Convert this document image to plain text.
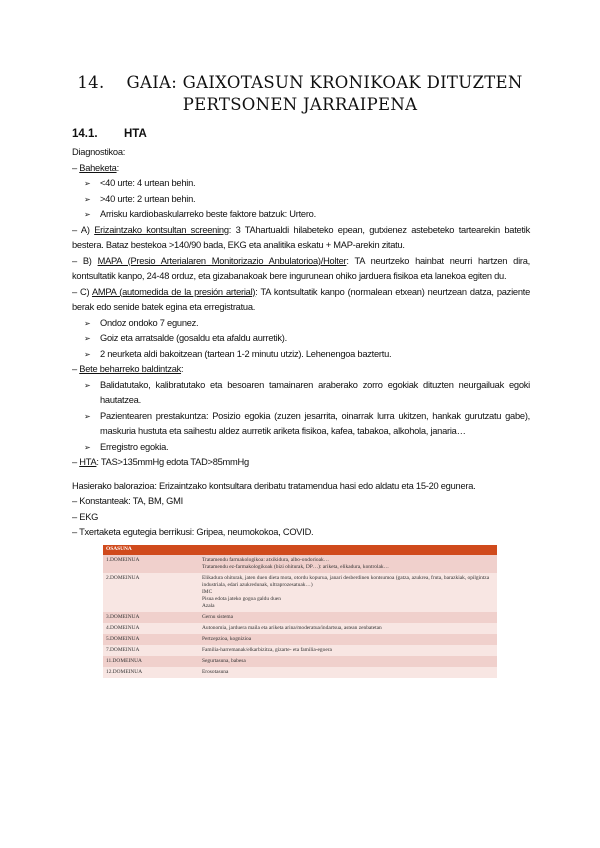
14. GAIA: GAIXOTASUN KRONIKOAK DITUZTEN
PERTSONEN JARRAIPENA
14.1. HTA
Diagnostikoa:
– Baheketa:
➢ <40 urte: 4 urtean behin.
➢ >40 urte: 2 urtean behin.
➢ Arrisku kardiobaskularreko beste faktore batzuk: Urtero.
– A) Erizaintzako kontsultan screening: 3 TAhartualdi hilabeteko epean, gutxienez astebeteko tartearekin batetik bestera. Bataz bestekoa >140/90 bada, EKG eta analitika eskatu + MAP-arekin zitatu.
– B) MAPA (Presio Arterialaren Monitorizazio Anbulatorioa)/Holter: TA neurtzeko hainbat neurri hartzen dira, kontsultatik kanpo, 24-48 orduz, eta gizabanakoak bere ingurunean ohiko jarduera fisikoa eta lanekoa egiten du.
– C) AMPA (automedida de la presión arterial): TA kontsultatik kanpo (normalean etxean) neurtzean datza, paziente berak edo senide batek egina eta erregistratua.
➢ Ondoz ondoko 7 egunez.
➢ Goiz eta arratsalde (gosaldu eta afaldu aurretik).
➢ 2 neurketa aldi bakoitzean (tartean 1-2 minutu utziz). Lehenengoa baztertu.
– Bete beharreko baldintzak:
➢ Balidatutako, kalibratutako eta besoaren tamainaren araberako zorro egokiak dituzten neurgailuak egoki hautatzea.
➢ Pazientearen prestakuntza: Posizio egokia (zuzen jesarrita, oinarrak lurra ukitzen, hankak gurutzatu gabe), maskuria hustuta eta saihestu aldez aurretik ariketa fisikoa, kafea, tabakoa, alkohola, janaria…
➢ Erregistro egokia.
– HTA: TAS>135mmHg edota TAD>85mmHg
Hasierako balorazioa: Erizaintzako kontsultara deribatu tratamendua hasi edo aldatu eta 15-20 egunera.
– Konstanteak: TA, BM, GMI
– EKG
– Txertaketa egutegia berrikusi: Gripea, neumokokoa, COVID.
OSASUNA	
1.DOMEINUA	Tratamendu farmakologikoa: atxikidura, albo-ondorioak…
Tratamendu ez-farmakologikoak (bizi ohiturak, DP…): ariketa, elikadura, kontrolak…

2.DOMEINUA	Elikadura ohiturak, jaten duen dieta mota, otordu kopurua, janari desberdinen kontsumoa (gatza, azukrea, fruta, barazkiak, opilgintza industriala, edari azukredunak, ultraprozesatuak…)
IMC
Pisua edota jateko gogoa galdu duen
Azala

3.DOMEINUA	Gernu sistema

4.DOMEINUA	Autonomia, jarduera maila eta ariketa arina/moderatua/indartsua, astean zenbatetan

5.DOMEINUA	Pertzepzioa, kognizioa

7.DOMEINUA	Familia-harremanak/elkarbizitza, gizarte- eta familia-egoera

11.DOMEINUA	Segurtasuna, babesa

12.DOMEINUA	Erosotasuna
